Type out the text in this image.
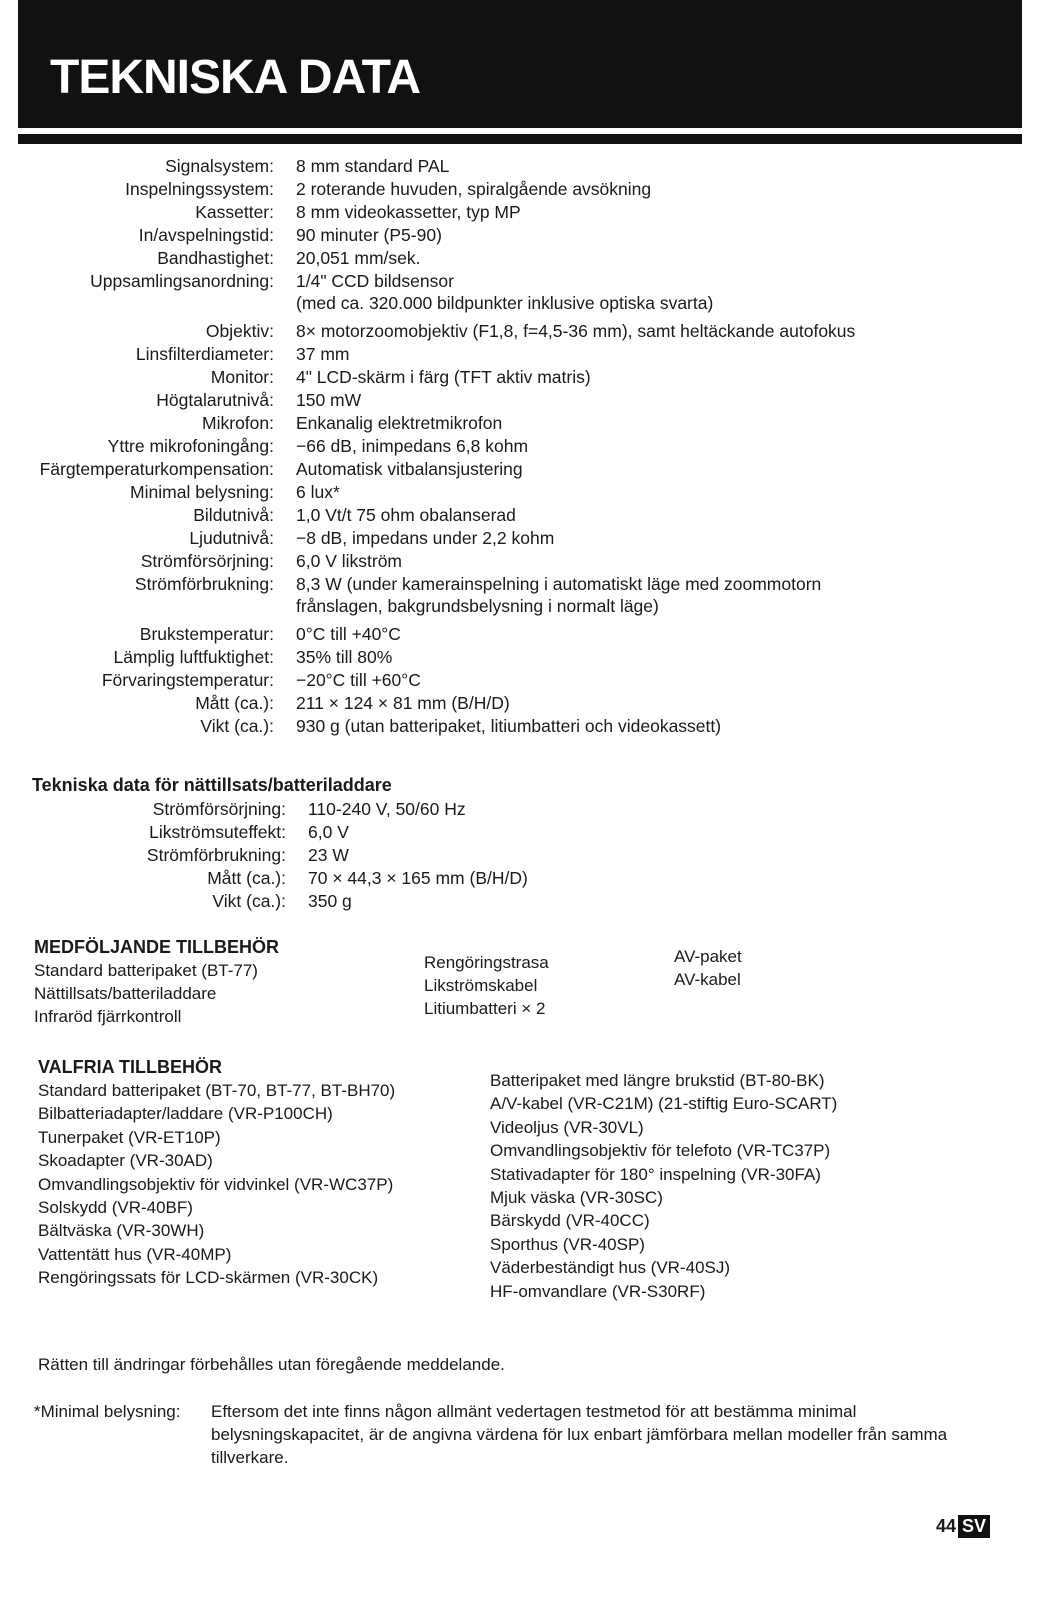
TEKNISKA DATA
Signalsystem:	8 mm standard PAL
Inspelningssystem:	2 roterande huvuden, spiralgående avsökning
Kassetter:	8 mm videokassetter, typ MP
In/avspelningstid:	90 minuter (P5-90)
Bandhastighet:	20,051 mm/sek.
Uppsamlingsanordning:	1/4" CCD bildsensor
(med ca. 320.000 bildpunkter inklusive optiska svarta)
Objektiv:	8× motorzoomobjektiv (F1,8, f=4,5-36 mm), samt heltäckande autofokus
Linsfilterdiameter:	37 mm
Monitor:	4" LCD-skärm i färg (TFT aktiv matris)
Högtalarutnivå:	150 mW
Mikrofon:	Enkanalig elektretmikrofon
Yttre mikrofoningång:	−66 dB, inimpedans 6,8 kohm
Färgtemperaturkompensation:	Automatisk vitbalansjustering
Minimal belysning:	6 lux*
Bildutnivå:	1,0 Vt/t 75 ohm obalanserad
Ljudutnivå:	−8 dB, impedans under 2,2 kohm
Strömförsörjning:	6,0 V likström
Strömförbrukning:	8,3 W (under kamerainspelning i automatiskt läge med zoommotorn
frånslagen, bakgrundsbelysning i normalt läge)
Brukstemperatur:	0°C till +40°C
Lämplig luftfuktighet:	35% till 80%
Förvaringstemperatur:	−20°C till +60°C
Mått (ca.):	211 × 124 × 81 mm (B/H/D)
Vikt (ca.):	930 g (utan batteripaket, litiumbatteri och videokassett)
Tekniska data för nättillsats/batteriladdare
Strömförsörjning:	110-240 V, 50/60 Hz
Likströmsuteffekt:	6,0 V
Strömförbrukning:	23 W
Mått (ca.):	70 × 44,3 × 165 mm (B/H/D)
Vikt (ca.):	350 g
MEDFÖLJANDE TILLBEHÖR
Standard batteripaket (BT-77)
Nättillsats/batteriladdare
Infraröd fjärrkontroll
Rengöringstrasa
Likströmskabel
Litiumbatteri × 2
AV-paket
AV-kabel
VALFRIA TILLBEHÖR
Standard batteripaket (BT-70, BT-77, BT-BH70)
Bilbatteriadapter/laddare (VR-P100CH)
Tunerpaket (VR-ET10P)
Skoadapter (VR-30AD)
Omvandlingsobjektiv för vidvinkel (VR-WC37P)
Solskydd (VR-40BF)
Bältväska (VR-30WH)
Vattentätt hus (VR-40MP)
Rengöringssats för LCD-skärmen (VR-30CK)
Batteripaket med längre brukstid (BT-80-BK)
A/V-kabel (VR-C21M) (21-stiftig Euro-SCART)
Videoljus (VR-30VL)
Omvandlingsobjektiv för telefoto (VR-TC37P)
Stativadapter för 180° inspelning (VR-30FA)
Mjuk väska (VR-30SC)
Bärskydd (VR-40CC)
Sporthus (VR-40SP)
Väderbeständigt hus (VR-40SJ)
HF-omvandlare (VR-S30RF)
Rätten till ändringar förbehålles utan föregående meddelande.
*Minimal belysning:	Eftersom det inte finns någon allmänt vedertagen testmetod för att bestämma minimal belysningskapacitet, är de angivna värdena för lux enbart jämförbara mellan modeller från samma tillverkare.
44 SV
